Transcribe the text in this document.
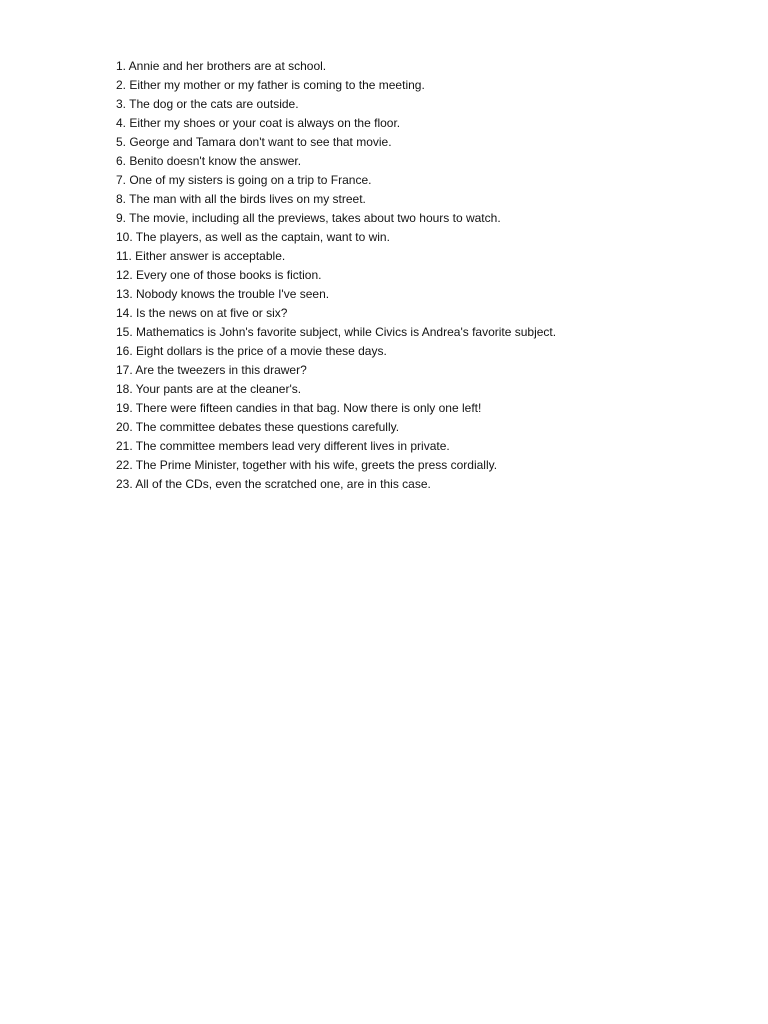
1. Annie and her brothers are at school.
2. Either my mother or my father is coming to the meeting.
3. The dog or the cats are outside.
4. Either my shoes or your coat is always on the floor.
5. George and Tamara don't want to see that movie.
6. Benito doesn't know the answer.
7. One of my sisters is going on a trip to France.
8. The man with all the birds lives on my street.
9. The movie, including all the previews, takes about two hours to watch.
10. The players, as well as the captain, want to win.
11. Either answer is acceptable.
12. Every one of those books is fiction.
13. Nobody knows the trouble I've seen.
14. Is the news on at five or six?
15. Mathematics is John's favorite subject, while Civics is Andrea's favorite subject.
16. Eight dollars is the price of a movie these days.
17. Are the tweezers in this drawer?
18. Your pants are at the cleaner's.
19. There were fifteen candies in that bag. Now there is only one left!
20. The committee debates these questions carefully.
21. The committee members lead very different lives in private.
22. The Prime Minister, together with his wife, greets the press cordially.
23. All of the CDs, even the scratched one, are in this case.
